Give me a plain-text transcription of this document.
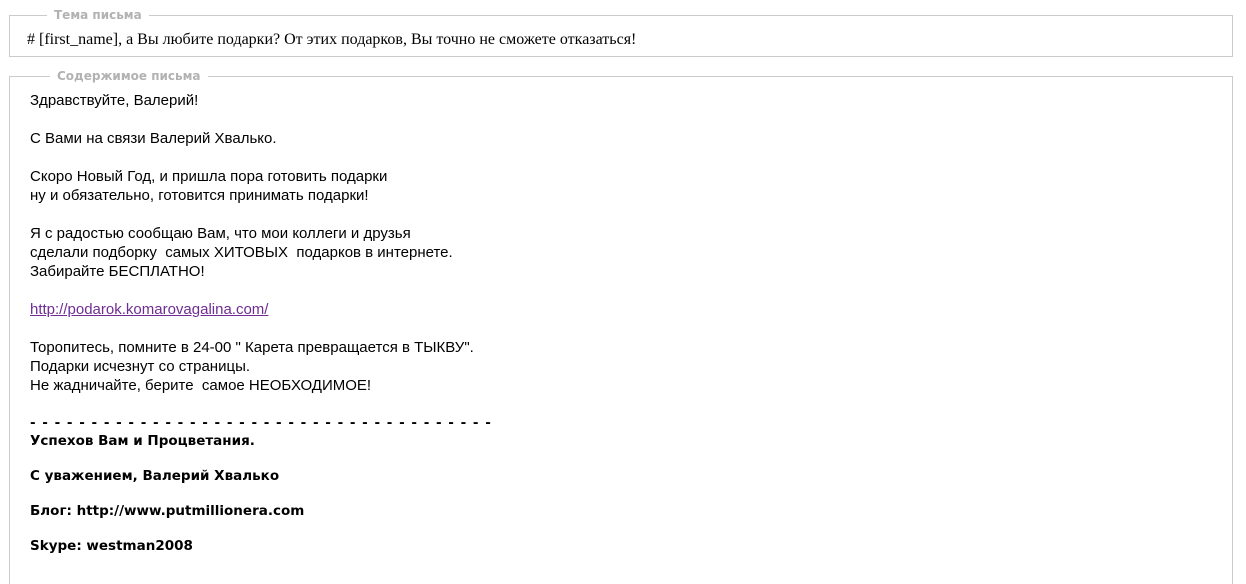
Тема письма
# [first_name], а Вы любите подарки? От этих подарков, Вы точно не сможете отказаться!
Содержимое письма
Здравствуйте, Валерий!
С Вами на связи Валерий Хвалько.
Скоро Новый Год, и пришла пора готовить подарки
ну и обязательно, готовится принимать подарки!
Я с радостью сообщаю Вам, что мои коллеги и друзья
сделали подборку  самых ХИТОВЫХ  подарков в интернете.
Забирайте БЕСПЛАТНО!
http://podarok.komarovagalina.com/
Торопитесь, помните в 24-00 " Карета превращается в ТЫКВУ".
Подарки исчезнут со страницы.
Не жадничайте, берите  самое НЕОБХОДИМОЕ!
- - - - - - - - - - - - - - - - - - - - - - - - - - - - - - - - - - - - - -
Успехов Вам и Процветания.
С уважением, Валерий Хвалько
Блог: http://www.putmillionera.com
Skype: westman2008
